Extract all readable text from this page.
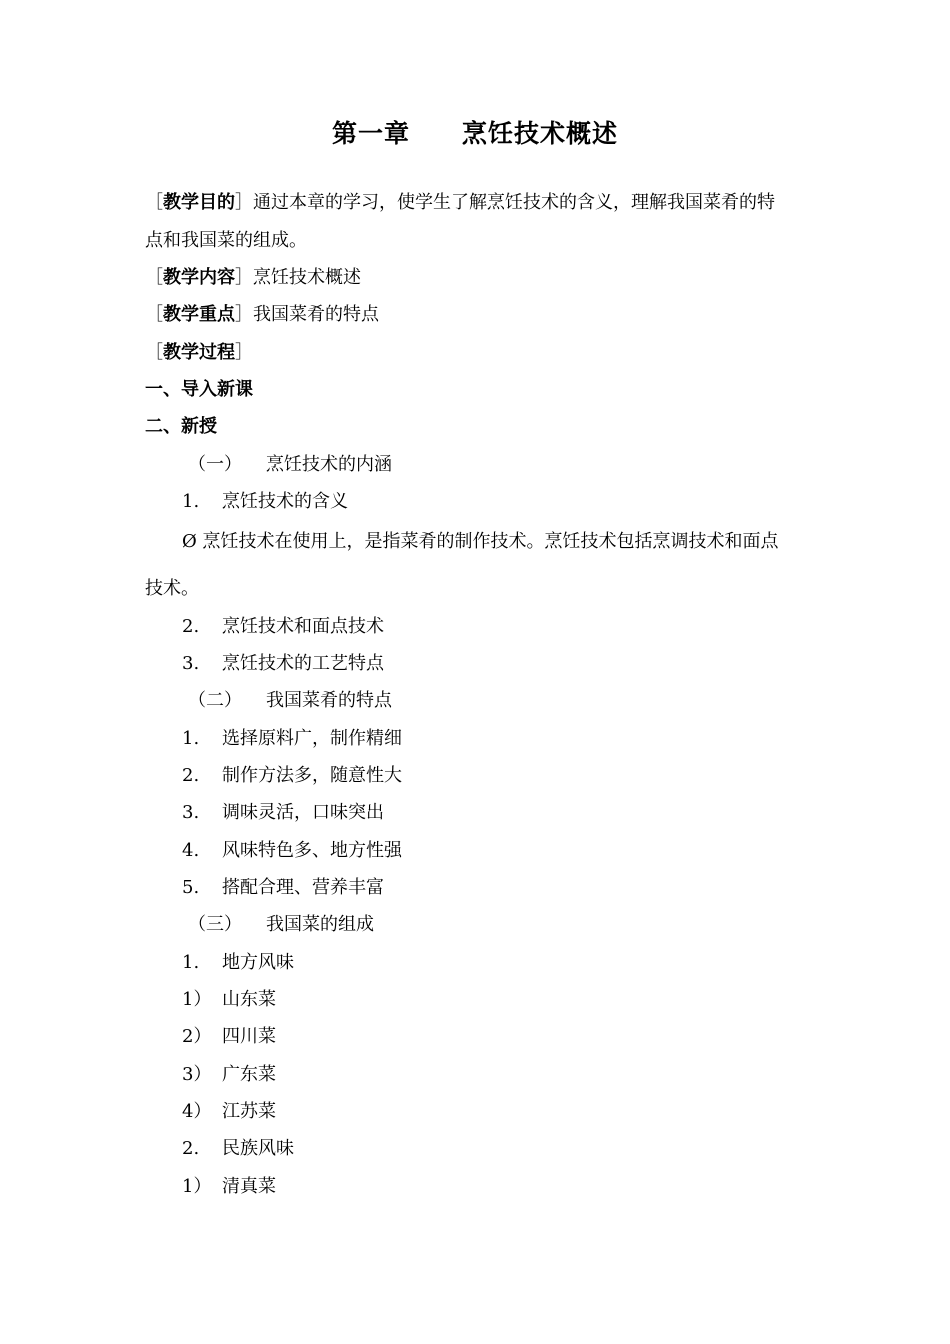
第一章 烹饪技术概述
［教学目的］通过本章的学习，使学生了解烹饪技术的含义，理解我国菜肴的特
点和我国菜的组成。
［教学内容］烹饪技术概述
［教学重点］我国菜肴的特点
［教学过程］
一、导入新课
二、新授
（一） 烹饪技术的内涵
1. 烹饪技术的含义
Ø 烹饪技术在使用上，是指菜肴的制作技术。烹饪技术包括烹调技术和面点
技术。
2. 烹饪技术和面点技术
3. 烹饪技术的工艺特点
（二） 我国菜肴的特点
1. 选择原料广，制作精细
2. 制作方法多，随意性大
3. 调味灵活，口味突出
4. 风味特色多、地方性强
5. 搭配合理、营养丰富
（三） 我国菜的组成
1. 地方风味
1） 山东菜
2） 四川菜
3） 广东菜
4） 江苏菜
2. 民族风味
1） 清真菜
